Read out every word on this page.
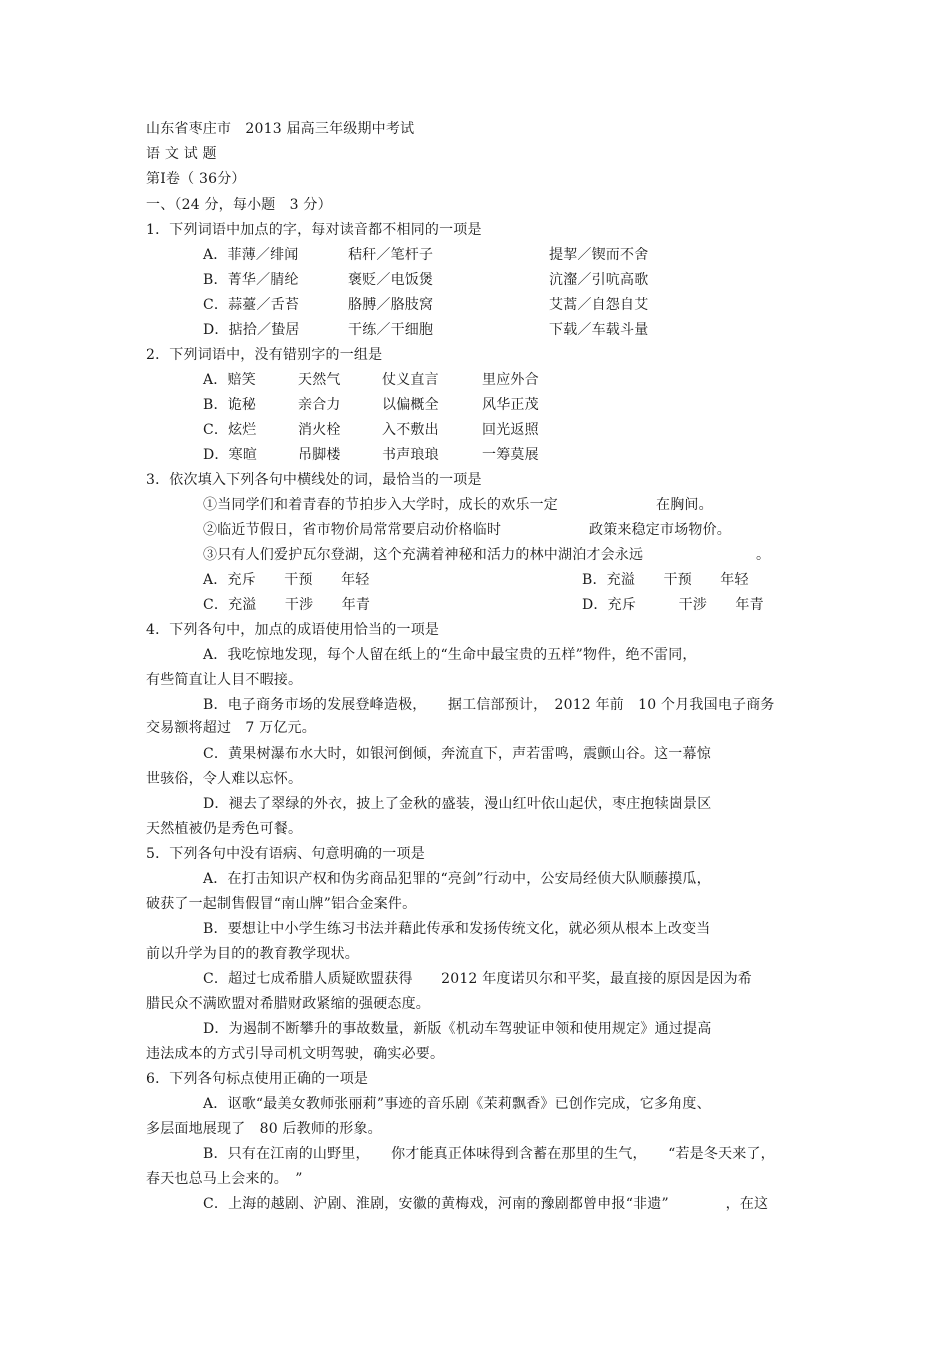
山东省枣庄市　2013 届高三年级期中考试
语 文 试 题
第Ⅰ卷（ 36分）
一、（24 分，每小题　3 分）
1．下列词语中加点的字，每对读音都不相同的一项是
A．菲薄／绯闻	秸秆／笔杆子	提挈／锲而不舍
B．菁华／腈纶	褒贬／电饭煲	沆瀣／引吭高歌
C．蒜薹／舌苔	胳膊／胳肢窝	艾蒿／自怨自艾
D．掂拾／蛰居	干练／干细胞	下载／车载斗量
2．下列词语中，没有错别字的一组是
A．赔笑	天然气	仗义直言	里应外合
B．诡秘	亲合力	以偏概全	风华正茂
C．炫烂	消火栓	入不敷出	回光返照
D．寒暄	吊脚楼	书声琅琅	一筹莫展
3．依次填入下列各句中横线处的词，最恰当的一项是
①当同学们和着青春的节拍步入大学时，成长的欢乐一定	在胸间。
②临近节假日，省市物价局常常要启动价格临时	政策来稳定市场物价。
③只有人们爱护瓦尔登湖，这个充满着神秘和活力的林中湖泊才会永远	。
A．充斥　　干预　　年轻	B．充溢　　干预　　年轻
C．充溢　　干涉　　年青	D．充斥　　　干涉　　年青
4．下列各句中，加点的成语使用恰当的一项是
A．我吃惊地发现，每个人留在纸上的“生命中最宝贵的五样”物件，绝不雷同，
有些简直让人目不暇接。
B．电子商务市场的发展登峰造极，　　据工信部预计，　2012 年前　10 个月我国电子商务
交易额将超过　7 万亿元。
C．黄果树瀑布水大时，如银河倒倾，奔流直下，声若雷鸣，震颤山谷。这一幕惊
世骇俗，令人难以忘怀。
D．褪去了翠绿的外衣，披上了金秋的盛装，漫山红叶依山起伏，枣庄抱犊崮景区
天然植被仍是秀色可餐。
5．下列各句中没有语病、句意明确的一项是
A．在打击知识产权和伪劣商品犯罪的“亮剑”行动中，公安局经侦大队顺藤摸瓜，
破获了一起制售假冒“南山牌”铝合金案件。
B．要想让中小学生练习书法并藉此传承和发扬传统文化，就必须从根本上改变当
前以升学为目的的教育教学现状。
C．超过七成希腊人质疑欧盟获得　　2012 年度诺贝尔和平奖，最直接的原因是因为希
腊民众不满欧盟对希腊财政紧缩的强硬态度。
D．为遏制不断攀升的事故数量，新版《机动车驾驶证申领和使用规定》通过提高
违法成本的方式引导司机文明驾驶，确实必要。
6．下列各句标点使用正确的一项是
A．讴歌“最美女教师张丽莉”事迹的音乐剧《茉莉飘香》已创作完成，它多角度、
多层面地展现了　80 后教师的形象。
B．只有在江南的山野里，　　你才能真正体味得到含蓄在那里的生气，　　“若是冬天来了，
春天也总马上会来的。　”
C．上海的越剧、沪剧、淮剧，安徽的黄梅戏，河南的豫剧都曾申报“非遗”　　　　，在这
